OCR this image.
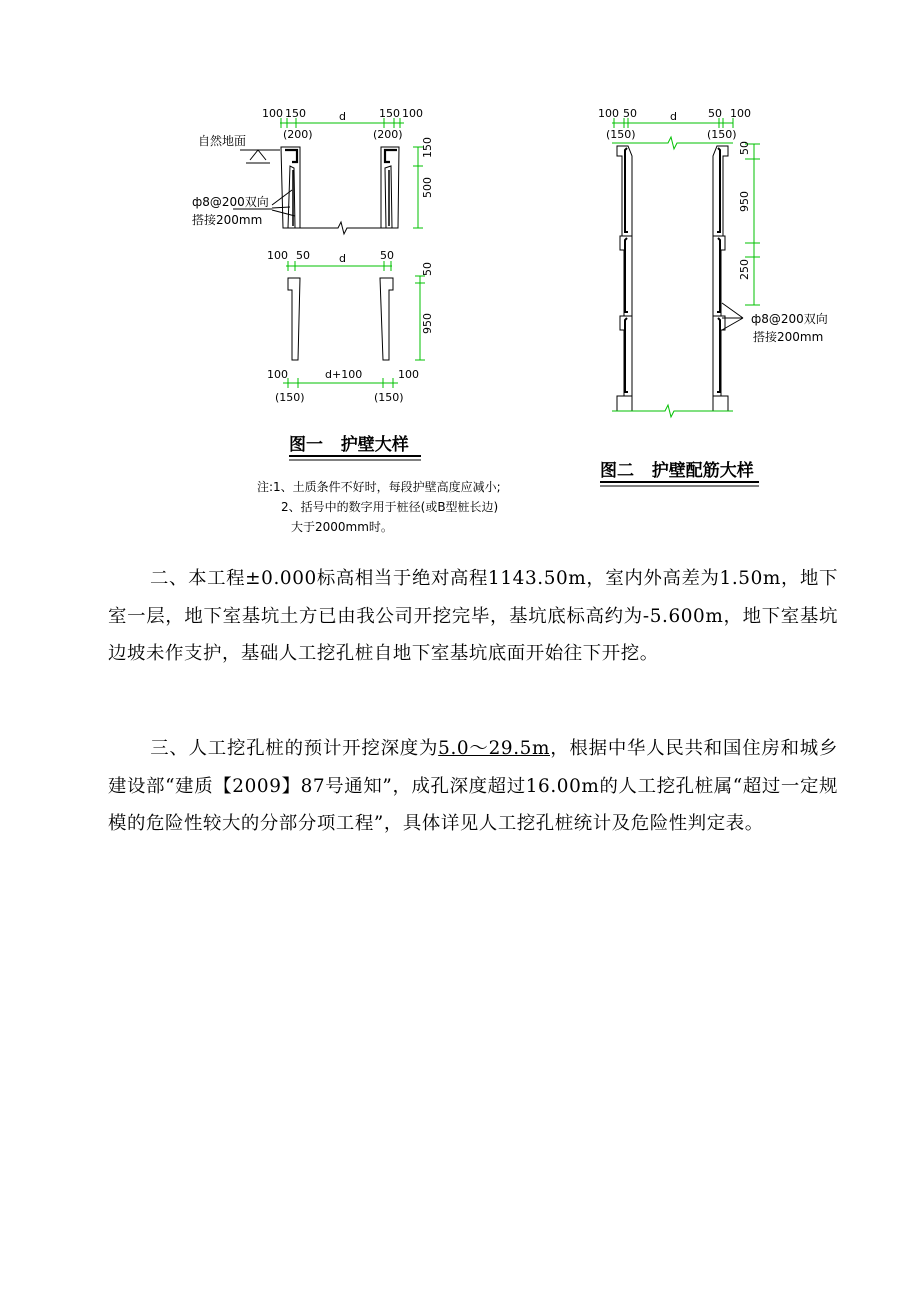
100 150
(200)
d	150 100
(200)
150
500
自然地面
ф8@200双向
搭接200mm
100 50	d	50
50
950
100	d+100	100
(150)	(150)
图一   护壁大样
注:1、土质条件不好时，每段护壁高度应减小;
2、括号中的数字用于桩径(或B型桩长边)
大于2000mm时。
100 50	d	50 100
(150)	(150)
50
950
250
ф8@200双向
搭接200mm
图二   护壁配筋大样

二、本工程±0.000标高相当于绝对高程1143.50m，室内外高差为1.50m，地下室一层，地下室基坑土方已由我公司开挖完毕，基坑底标高约为-5.600m，地下室基坑边坡未作支护，基础人工挖孔桩自地下室基坑底面开始往下开挖。

三、人工挖孔桩的预计开挖深度为5.0～29.5m，根据中华人民共和国住房和城乡建设部“建质【2009】87号通知”，成孔深度超过16.00m的人工挖孔桩属“超过一定规模的危险性较大的分部分项工程”，具体详见人工挖孔桩统计及危险性判定表。
